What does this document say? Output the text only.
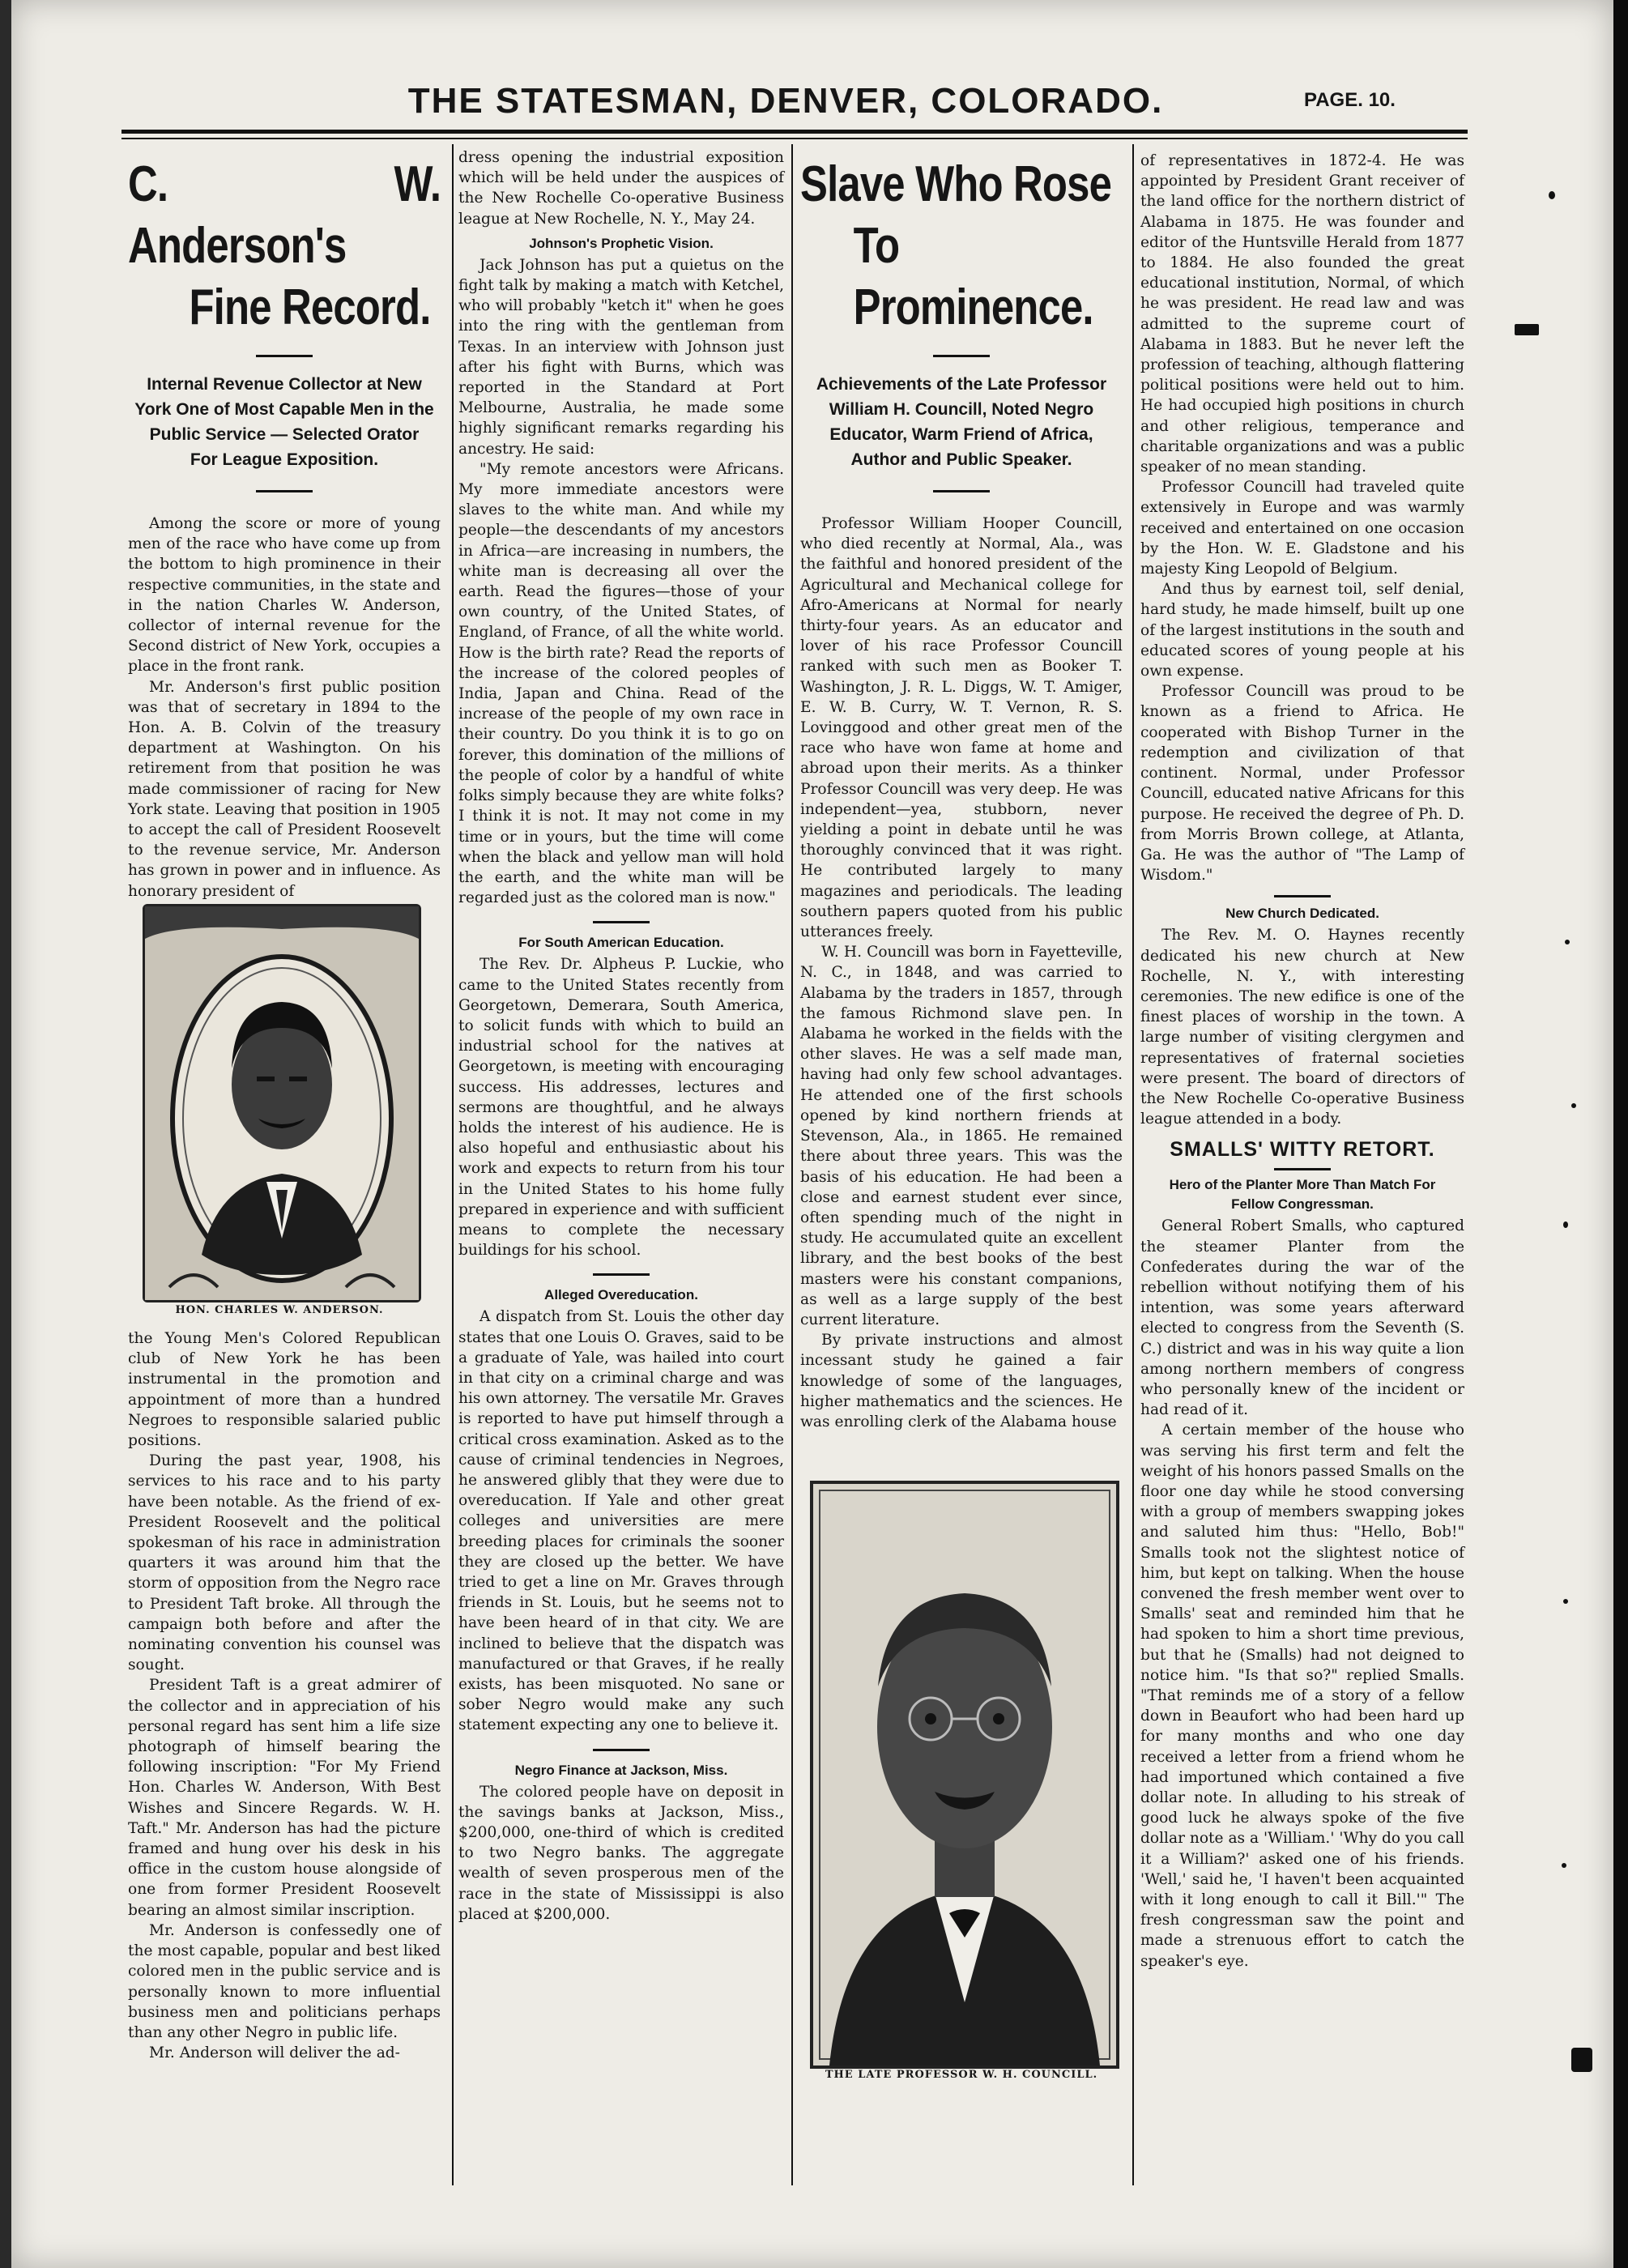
THE STATESMAN, DENVER, COLORADO.	PAGE. 10.
C. W. Anderson's
Fine Record.
Internal Revenue Collector at New York One of Most Capable Men in the Public Service — Selected Orator For League Exposition.

Among the score or more of young men of the race who have come up from the bottom to high prominence in their respective communities, in the state and in the nation Charles W. Anderson, collector of internal revenue for the Second district of New York, occupies a place in the front rank.

Mr. Anderson's first public position was that of secretary in 1894 to the Hon. A. B. Colvin of the treasury department at Washington. On his retirement from that position he was made commissioner of racing for New York state. Leaving that position in 1905 to accept the call of President Roosevelt to the revenue service, Mr. Anderson has grown in power and in influence. As honorary president of

HON. CHARLES W. ANDERSON.

the Young Men's Colored Republican club of New York he has been instrumental in the promotion and appointment of more than a hundred Negroes to responsible salaried public positions.

During the past year, 1908, his services to his race and to his party have been notable. As the friend of ex-President Roosevelt and the political spokesman of his race in administration quarters it was around him that the storm of opposition from the Negro race to President Taft broke. All through the campaign both before and after the nominating convention his counsel was sought.

President Taft is a great admirer of the collector and in appreciation of his personal regard has sent him a life size photograph of himself bearing the following inscription: "For My Friend Hon. Charles W. Anderson, With Best Wishes and Sincere Regards. W. H. Taft." Mr. Anderson has had the picture framed and hung over his desk in his office in the custom house alongside of one from former President Roosevelt bearing an almost similar inscription.

Mr. Anderson is confessedly one of the most capable, popular and best liked colored men in the public service and is personally known to more influential business men and politicians perhaps than any other Negro in public life.

Mr. Anderson will deliver the ad-

dress opening the industrial exposition which will be held under the auspices of the New Rochelle Co-operative Business league at New Rochelle, N. Y., May 24.

Johnson's Prophetic Vision.

Jack Johnson has put a quietus on the fight talk by making a match with Ketchel, who will probably "ketch it" when he goes into the ring with the gentleman from Texas. In an interview with Johnson just after his fight with Burns, which was reported in the Standard at Port Melbourne, Australia, he made some highly significant remarks regarding his ancestry. He said:

"My remote ancestors were Africans. My more immediate ancestors were slaves to the white man. And while my people—the descendants of my ancestors in Africa—are increasing in numbers, the white man is decreasing all over the earth. Read the figures—those of your own country, of the United States, of England, of France, of all the white world. How is the birth rate? Read the reports of the increase of the colored peoples of India, Japan and China. Read of the increase of the people of my own race in their country. Do you think it is to go on forever, this domination of the millions of the people of color by a handful of white folks simply because they are white folks? I think it is not. It may not come in my time or in yours, but the time will come when the black and yellow man will hold the earth, and the white man will be regarded just as the colored man is now."

For South American Education.

The Rev. Dr. Alpheus P. Luckie, who came to the United States recently from Georgetown, Demerara, South America, to solicit funds with which to build an industrial school for the natives at Georgetown, is meeting with encouraging success. His addresses, lectures and sermons are thoughtful, and he always holds the interest of his audience. He is also hopeful and enthusiastic about his work and expects to return from his tour in the United States to his home fully prepared in experience and with sufficient means to complete the necessary buildings for his school.

Alleged Overeducation.

A dispatch from St. Louis the other day states that one Louis O. Graves, said to be a graduate of Yale, was hailed into court in that city on a criminal charge and was his own attorney. The versatile Mr. Graves is reported to have put himself through a critical cross examination. Asked as to the cause of criminal tendencies in Negroes, he answered glibly that they were due to overeducation. If Yale and other great colleges and universities are mere breeding places for criminals the sooner they are closed up the better. We have tried to get a line on Mr. Graves through friends in St. Louis, but he seems not to have been heard of in that city. We are inclined to believe that the dispatch was manufactured or that Graves, if he really exists, has been misquoted. No sane or sober Negro would make any such statement expecting any one to believe it.

Negro Finance at Jackson, Miss.

The colored people have on deposit in the savings banks at Jackson, Miss., $200,000, one-third of which is credited to two Negro banks. The aggregate wealth of seven prosperous men of the race in the state of Mississippi is also placed at $200,000.

Slave Who Rose
To Prominence.
Achievements of the Late Professor William H. Councill, Noted Negro Educator, Warm Friend of Africa, Author and Public Speaker.

Professor William Hooper Councill, who died recently at Normal, Ala., was the faithful and honored president of the Agricultural and Mechanical college for Afro-Americans at Normal for nearly thirty-four years. As an educator and lover of his race Professor Councill ranked with such men as Booker T. Washington, J. R. L. Diggs, W. T. Amiger, E. W. B. Curry, W. T. Vernon, R. S. Lovinggood and other great men of the race who have won fame at home and abroad upon their merits. As a thinker Professor Councill was very deep. He was independent—yea, stubborn, never yielding a point in debate until he was thoroughly convinced that it was right. He contributed largely to many magazines and periodicals. The leading southern papers quoted from his public utterances freely.

W. H. Councill was born in Fayetteville, N. C., in 1848, and was carried to Alabama by the traders in 1857, through the famous Richmond slave pen. In Alabama he worked in the fields with the other slaves. He was a self made man, having had only few school advantages. He attended one of the first schools opened by kind northern friends at Stevenson, Ala., in 1865. He remained there about three years. This was the basis of his education. He had been a close and earnest student ever since, often spending much of the night in study. He accumulated quite an excellent library, and the best books of the best masters were his constant companions, as well as a large supply of the best current literature.

By private instructions and almost incessant study he gained a fair knowledge of some of the languages, higher mathematics and the sciences. He was enrolling clerk of the Alabama house

THE LATE PROFESSOR W. H. COUNCILL.

of representatives in 1872-4. He was appointed by President Grant receiver of the land office for the northern district of Alabama in 1875. He was founder and editor of the Huntsville Herald from 1877 to 1884. He also founded the great educational institution, Normal, of which he was president. He read law and was admitted to the supreme court of Alabama in 1883. But he never left the profession of teaching, although flattering political positions were held out to him. He had occupied high positions in church and other religious, temperance and charitable organizations and was a public speaker of no mean standing.

Professor Councill had traveled quite extensively in Europe and was warmly received and entertained on one occasion by the Hon. W. E. Gladstone and his majesty King Leopold of Belgium.

And thus by earnest toil, self denial, hard study, he made himself, built up one of the largest institutions in the south and educated scores of young people at his own expense.

Professor Councill was proud to be known as a friend to Africa. He cooperated with Bishop Turner in the redemption and civilization of that continent. Normal, under Professor Councill, educated native Africans for this purpose. He received the degree of Ph. D. from Morris Brown college, at Atlanta, Ga. He was the author of "The Lamp of Wisdom."

New Church Dedicated.

The Rev. M. O. Haynes recently dedicated his new church at New Rochelle, N. Y., with interesting ceremonies. The new edifice is one of the finest places of worship in the town. A large number of visiting clergymen and representatives of fraternal societies were present. The board of directors of the New Rochelle Co-operative Business league attended in a body.

SMALLS' WITTY RETORT.
Hero of the Planter More Than Match For Fellow Congressman.

General Robert Smalls, who captured the steamer Planter from the Confederates during the war of the rebellion without notifying them of his intention, was some years afterward elected to congress from the Seventh (S. C.) district and was in his way quite a lion among northern members of congress who personally knew of the incident or had read of it.

A certain member of the house who was serving his first term and felt the weight of his honors passed Smalls on the floor one day while he stood conversing with a group of members swapping jokes and saluted him thus: "Hello, Bob!" Smalls took not the slightest notice of him, but kept on talking. When the house convened the fresh member went over to Smalls' seat and reminded him that he had spoken to him a short time previous, but that he (Smalls) had not deigned to notice him. "Is that so?" replied Smalls. "That reminds me of a story of a fellow down in Beaufort who had been hard up for many months and who one day received a letter from a friend whom he had importuned which contained a five dollar note. In alluding to his streak of good luck he always spoke of the five dollar note as a 'William.' 'Why do you call it a William?' asked one of his friends. 'Well,' said he, 'I haven't been acquainted with it long enough to call it Bill.'" The fresh congressman saw the point and made a strenuous effort to catch the speaker's eye.
